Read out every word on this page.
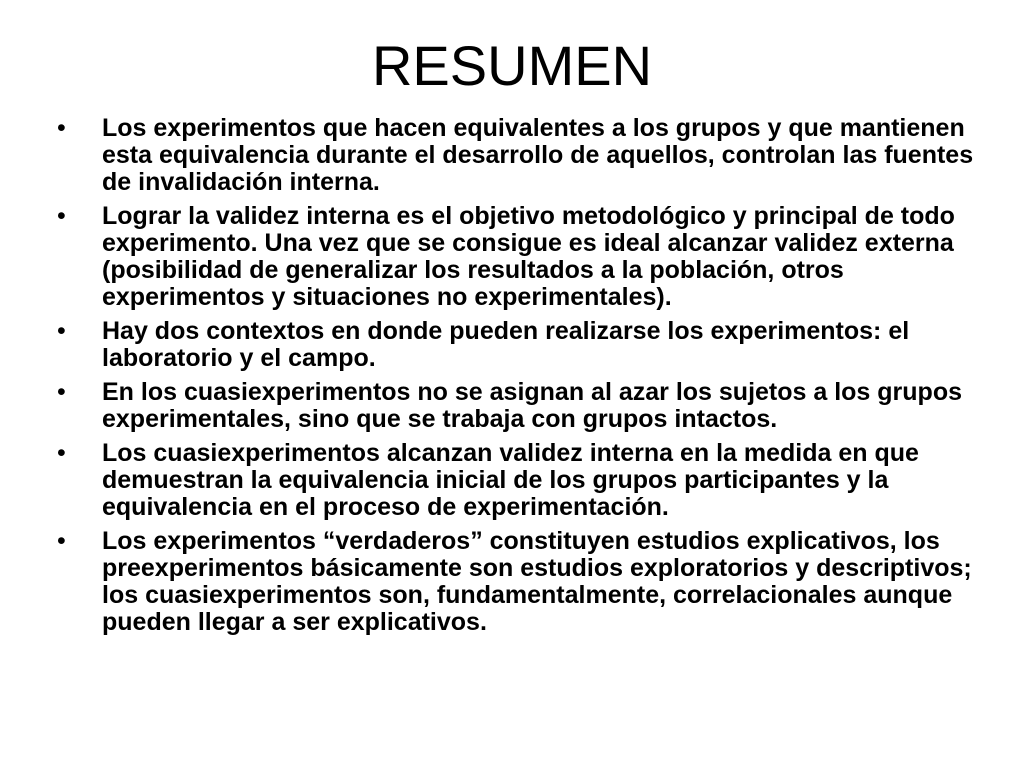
RESUMEN
•	Los experimentos que hacen equivalentes a los grupos y que mantienen esta equivalencia durante el desarrollo de aquellos, controlan las fuentes de invalidación interna.
•	Lograr la validez interna es el objetivo metodológico y principal de todo experimento. Una vez que se consigue es ideal alcanzar validez externa (posibilidad de generalizar los resultados a la población, otros experimentos y situaciones no experimentales).
•	Hay dos contextos en donde pueden realizarse los experimentos: el laboratorio y el campo.
•	En los cuasiexperimentos no se asignan al azar los sujetos a los grupos experimentales, sino que se trabaja con grupos intactos.
•	Los cuasiexperimentos alcanzan validez interna en la medida en que demuestran la equivalencia inicial de los grupos participantes y la equivalencia en el proceso de experimentación.
•	Los experimentos “verdaderos” constituyen estudios explicativos, los preexperimentos básicamente son estudios exploratorios y descriptivos; los cuasiexperimentos son, fundamentalmente, correlacionales aunque pueden llegar a ser explicativos.
